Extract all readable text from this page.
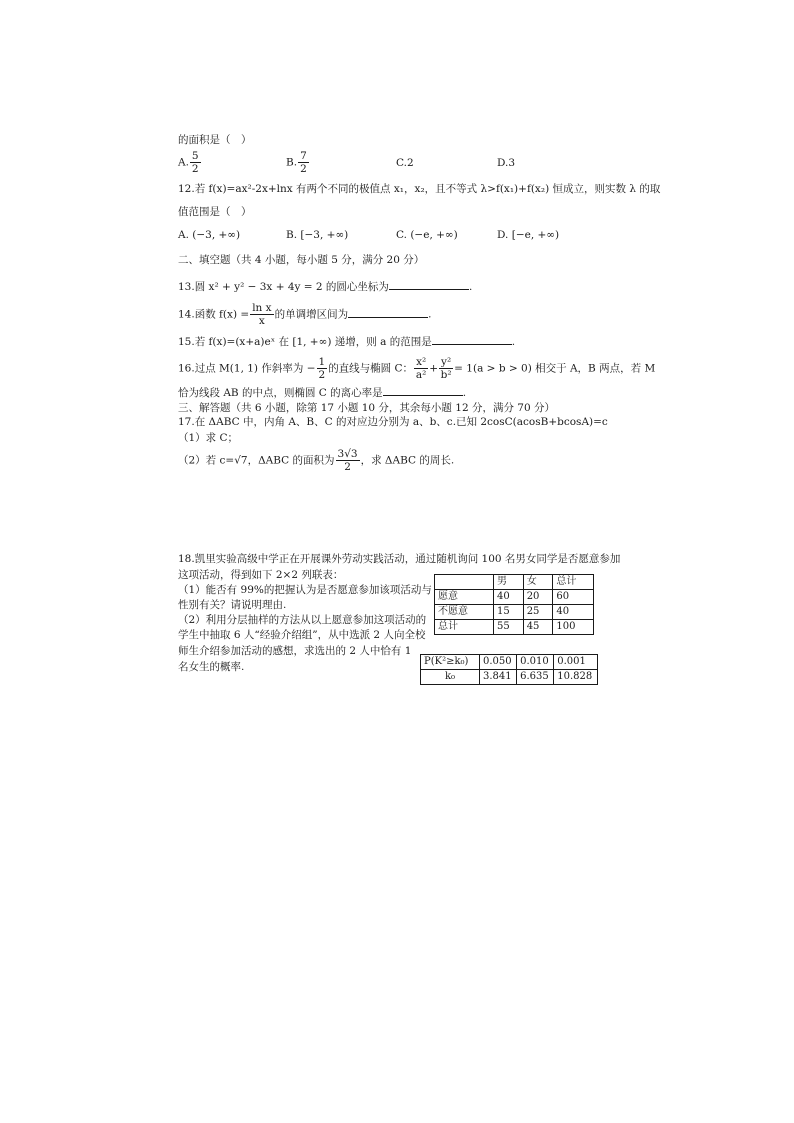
的面积是（　）
A. $\frac{5}{2}$	B. $\frac{7}{2}$	C.2	D.3
12.若 f(x)=ax²-2x+lnx 有两个不同的极值点 x₁，x₂，且不等式 λ>f(x₁)+f(x₂) 恒成立，则实数 λ 的取
值范围是（　）
A. (−3, +∞)	B. [−3, +∞)	C. (−e, +∞)	D. [−e, +∞)
二、填空题（共 4 小题，每小题 5 分，满分 20 分）
13.圆 x² + y² − 3x + 4y = 2 的圆心坐标为	.
14.函数 $f(x) = \frac{\text{ln x}}{x}$ 的单调增区间为	.
15.若 f(x)=(x+a)eˣ 在 [1, +∞) 递增，则 a 的范围是	.
16.过点 M(1, 1) 作斜率为 − $\frac{1}{2}$ 的直线与椭圆 C： $\frac{\text{x²}}{\text{a²}} + \frac{\text{y²}}{\text{b²}} = 1(a > b > 0)$ 相交于 A，B 两点，若 M
恰为线段 AB 的中点，则椭圆 C 的离心率是	.
三、解答题（共 6 小题，除第 17 小题 10 分，其余每小题 12 分，满分 70 分）
17.在 ΔABC 中，内角 A、B、C 的对应边分别为 a、b、c.已知 2cosC(acosB+bcosA)=c
（1）求 C；
（2）若 c=√7，ΔABC 的面积为 $\frac{3√3}{2}$ ，求 ΔABC 的周长.
18.凯里实验高级中学正在开展课外劳动实践活动，通过随机询问 100 名男女同学是否愿意参加
这项活动，得到如下 2×2 列联表：
（1）能否有 99%的把握认为是否愿意参加该项活动与
性别有关？请说明理由.
（2）利用分层抽样的方法从以上愿意参加这项活动的
学生中抽取 6 人“经验介绍组”，从中选派 2 人向全校
师生介绍参加活动的感想，求选出的 2 人中恰有 1
名女生的概率.
	男	女	总计
愿意	40	20	60
不愿意	15	25	40
总计	55	45	100
P(K²≥k₀)	0.050	0.010	0.001
k₀	3.841	6.635	10.828
